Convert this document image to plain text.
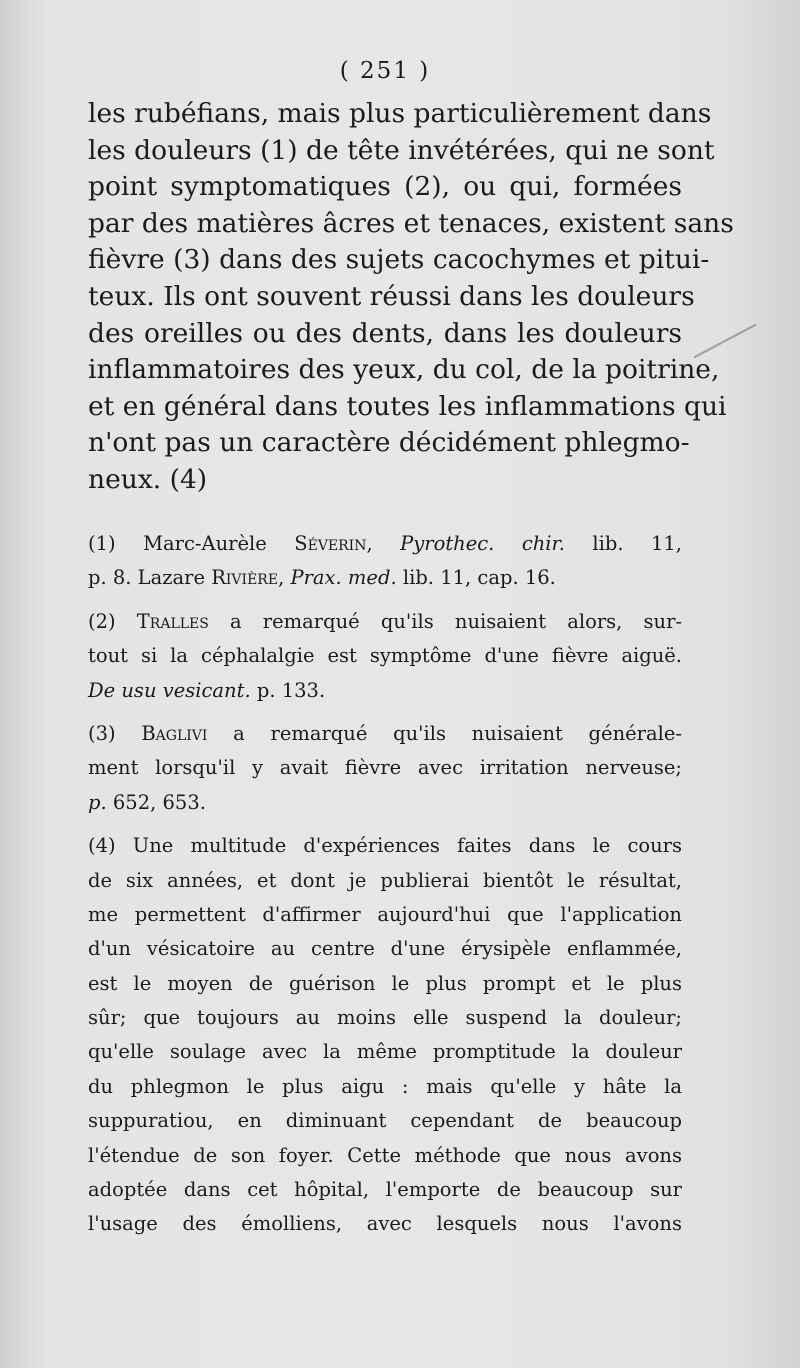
( 251 )
les rubéfians, mais plus particulièrement dans
les douleurs (1) de tête invétérées, qui ne sont
point symptomatiques (2), ou qui, formées
par des matières âcres et tenaces, existent sans
fièvre (3) dans des sujets cacochymes et pitui-
teux. Ils ont souvent réussi dans les douleurs
des oreilles ou des dents, dans les douleurs
inflammatoires des yeux, du col, de la poitrine,
et en général dans toutes les inflammations qui
n'ont pas un caractère décidément phlegmo-
neux. (4)
(1) Marc-Aurèle Séverin, Pyrothec. chir. lib. 11,
p. 8. Lazare Rivière, Prax. med. lib. 11, cap. 16.
(2) Tralles a remarqué qu'ils nuisaient alors, sur-
tout si la céphalalgie est symptôme d'une fièvre aiguë.
De usu vesicant. p. 133.
(3) Baglivi a remarqué qu'ils nuisaient générale-
ment lorsqu'il y avait fièvre avec irritation nerveuse;
p. 652, 653.
(4) Une multitude d'expériences faites dans le cours
de six années, et dont je publierai bientôt le résultat,
me permettent d'affirmer aujourd'hui que l'application
d'un vésicatoire au centre d'une érysipèle enflammée,
est le moyen de guérison le plus prompt et le plus
sûr; que toujours au moins elle suspend la douleur;
qu'elle soulage avec la même promptitude la douleur
du phlegmon le plus aigu : mais qu'elle y hâte la
suppuratiou, en diminuant cependant de beaucoup
l'étendue de son foyer. Cette méthode que nous avons
adoptée dans cet hôpital, l'emporte de beaucoup sur
l'usage des émolliens, avec lesquels nous l'avons
